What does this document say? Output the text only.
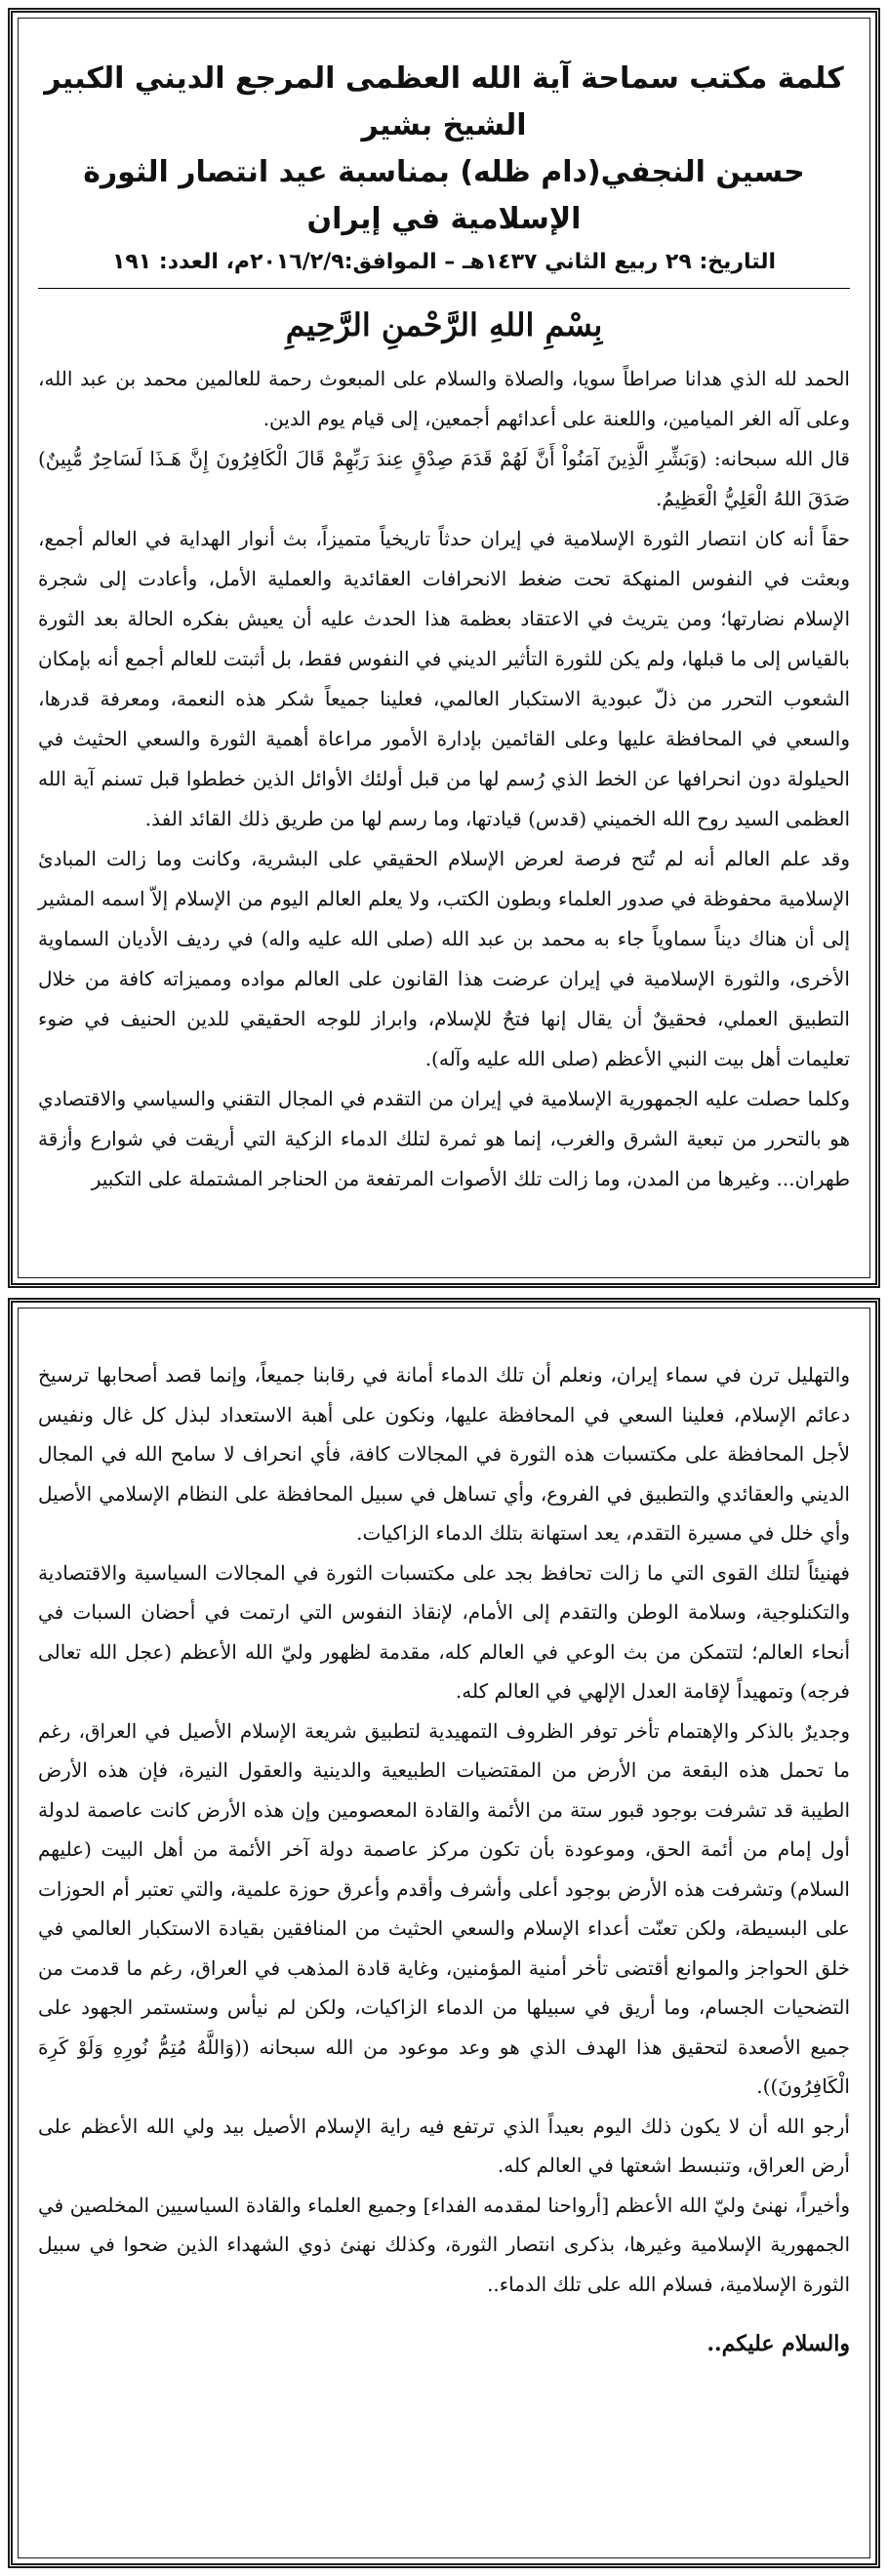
كلمة مكتب سماحة آية الله العظمى المرجع الديني الكبير الشيخ بشير
حسين النجفي(دام ظله) بمناسبة عيد انتصار الثورة الإسلامية في إيران
التاريخ: ٢٩ ربيع الثاني ١٤٣٧هـ – الموافق:٢٠١٦/٢/٩م، العدد: ١٩١
بِسْمِ اللهِ الرَّحْمنِ الرَّحِيمِ

الحمد لله الذي هدانا صراطاً سويا، والصلاة والسلام على المبعوث رحمة للعالمين محمد بن عبد الله، وعلى آله الغر الميامين، واللعنة على أعدائهم أجمعين، إلى قيام يوم الدين.

قال الله سبحانه: (وَبَشِّرِ الَّذِينَ آمَنُواْ أَنَّ لَهُمْ قَدَمَ صِدْقٍ عِندَ رَبِّهِمْ قَالَ الْكَافِرُونَ إِنَّ هَـذَا لَسَاحِرٌ مُّبِينٌ) صَدَقَ اللهُ الْعَلِيُّ الْعَظِيمُ.

حقاً أنه كان انتصار الثورة الإسلامية في إيران حدثاً تاريخياً متميزاً، بث أنوار الهداية في العالم أجمع، وبعثت في النفوس المنهكة تحت ضغط الانحرافات العقائدية والعملية الأمل، وأعادت إلى شجرة الإسلام نضارتها؛ ومن يتريث في الاعتقاد بعظمة هذا الحدث عليه أن يعيش بفكره الحالة بعد الثورة بالقياس إلى ما قبلها، ولم يكن للثورة التأثير الديني في النفوس فقط، بل أثبتت للعالم أجمع أنه بإمكان الشعوب التحرر من ذلّ عبودية الاستكبار العالمي، فعلينا جميعاً شكر هذه النعمة، ومعرفة قدرها، والسعي في المحافظة عليها وعلى القائمين بإدارة الأمور مراعاة أهمية الثورة والسعي الحثيث في الحيلولة دون انحرافها عن الخط الذي رُسم لها من قبل أولئك الأوائل الذين خططوا قبل تسنم آية الله العظمى السيد روح الله الخميني (قدس) قيادتها، وما رسم لها من طريق ذلك القائد الفذ.

وقد علم العالم أنه لم تُتح فرصة لعرض الإسلام الحقيقي على البشرية، وكانت وما زالت المبادئ الإسلامية محفوظة في صدور العلماء وبطون الكتب، ولا يعلم العالم اليوم من الإسلام إلاّ اسمه المشير إلى أن هناك ديناً سماوياً جاء به محمد بن عبد الله (صلى الله عليه واله) في رديف الأديان السماوية الأخرى، والثورة الإسلامية في إيران عرضت هذا القانون على العالم مواده ومميزاته كافة من خلال التطبيق العملي، فحقيقٌ أن يقال إنها فتحٌ للإسلام، وابراز للوجه الحقيقي للدين الحنيف في ضوء تعليمات أهل بيت النبي الأعظم (صلى الله عليه وآله).

وكلما حصلت عليه الجمهورية الإسلامية في إيران من التقدم في المجال التقني والسياسي والاقتصادي هو بالتحرر من تبعية الشرق والغرب، إنما هو ثمرة لتلك الدماء الزكية التي أريقت في شوارع وأزقة طهران... وغيرها من المدن، وما زالت تلك الأصوات المرتفعة من الحناجر المشتملة على التكبير

والتهليل ترن في سماء إيران، ونعلم أن تلك الدماء أمانة في رقابنا جميعاً، وإنما قصد أصحابها ترسيخ دعائم الإسلام، فعلينا السعي في المحافظة عليها، ونكون على أهبة الاستعداد لبذل كل غال ونفيس لأجل المحافظة على مكتسبات هذه الثورة في المجالات كافة، فأي انحراف لا سامح الله في المجال الديني والعقائدي والتطبيق في الفروع، وأي تساهل في سبيل المحافظة على النظام الإسلامي الأصيل وأي خلل في مسيرة التقدم، يعد استهانة بتلك الدماء الزاكيات.

فهنيئاً لتلك القوى التي ما زالت تحافظ بجد على مكتسبات الثورة في المجالات السياسية والاقتصادية والتكنلوجية، وسلامة الوطن والتقدم إلى الأمام، لإنقاذ النفوس التي ارتمت في أحضان السبات في أنحاء العالم؛ لتتمكن من بث الوعي في العالم كله، مقدمة لظهور وليّ الله الأعظم (عجل الله تعالى فرجه) وتمهيداً لإقامة العدل الإلهي في العالم كله.

وجديرٌ بالذكر والإهتمام تأخر توفر الظروف التمهيدية لتطبيق شريعة الإسلام الأصيل في العراق، رغم ما تحمل هذه البقعة من الأرض من المقتضيات الطبيعية والدينية والعقول النيرة، فإن هذه الأرض الطيبة قد تشرفت بوجود قبور ستة من الأئمة والقادة المعصومين وإن هذه الأرض كانت عاصمة لدولة أول إمام من أئمة الحق، وموعودة بأن تكون مركز عاصمة دولة آخر الأئمة من أهل البيت (عليهم السلام) وتشرفت هذه الأرض بوجود أعلى وأشرف وأقدم وأعرق حوزة علمية، والتي تعتبر أم الحوزات على البسيطة، ولكن تعنّت أعداء الإسلام والسعي الحثيث من المنافقين بقيادة الاستكبار العالمي في خلق الحواجز والموانع أقتضى تأخر أمنية المؤمنين، وغاية قادة المذهب في العراق، رغم ما قدمت من التضحيات الجسام، وما أريق في سبيلها من الدماء الزاكيات، ولكن لم نيأس وستستمر الجهود على جميع الأصعدة لتحقيق هذا الهدف الذي هو وعد موعود من الله سبحانه ((وَاللَّهُ مُتِمُّ نُورِهِ وَلَوْ كَرِهَ الْكَافِرُونَ)).

أرجو الله أن لا يكون ذلك اليوم بعيداً الذي ترتفع فيه راية الإسلام الأصيل بيد ولي الله الأعظم على أرض العراق، وتنبسط اشعتها في العالم كله.

وأخيراً، نهنئ وليّ الله الأعظم [أرواحنا لمقدمه الفداء] وجميع العلماء والقادة السياسيين المخلصين في الجمهورية الإسلامية وغيرها، بذكرى انتصار الثورة، وكذلك نهنئ ذوي الشهداء الذين ضحوا في سبيل الثورة الإسلامية، فسلام الله على تلك الدماء..

والسلام عليكم..
